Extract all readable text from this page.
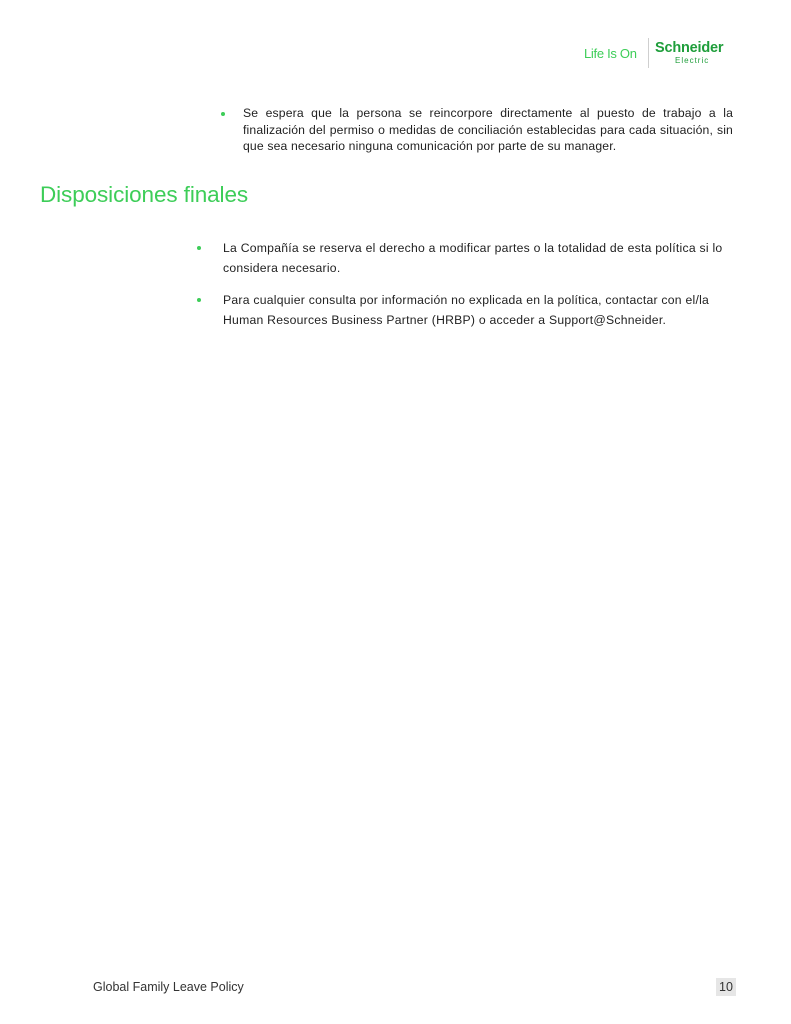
Life Is On	Schneider
Electric
Se espera que la persona se reincorpore directamente al puesto de trabajo a la finalización del permiso o medidas de conciliación establecidas para cada situación, sin que sea necesario ninguna comunicación por parte de su manager.
Disposiciones finales
La Compañía se reserva el derecho a modificar partes o la totalidad de esta política si lo considera necesario.
Para cualquier consulta por información no explicada en la política, contactar con el/la Human Resources Business Partner (HRBP) o acceder a Support@Schneider.
Global Family Leave Policy	10
